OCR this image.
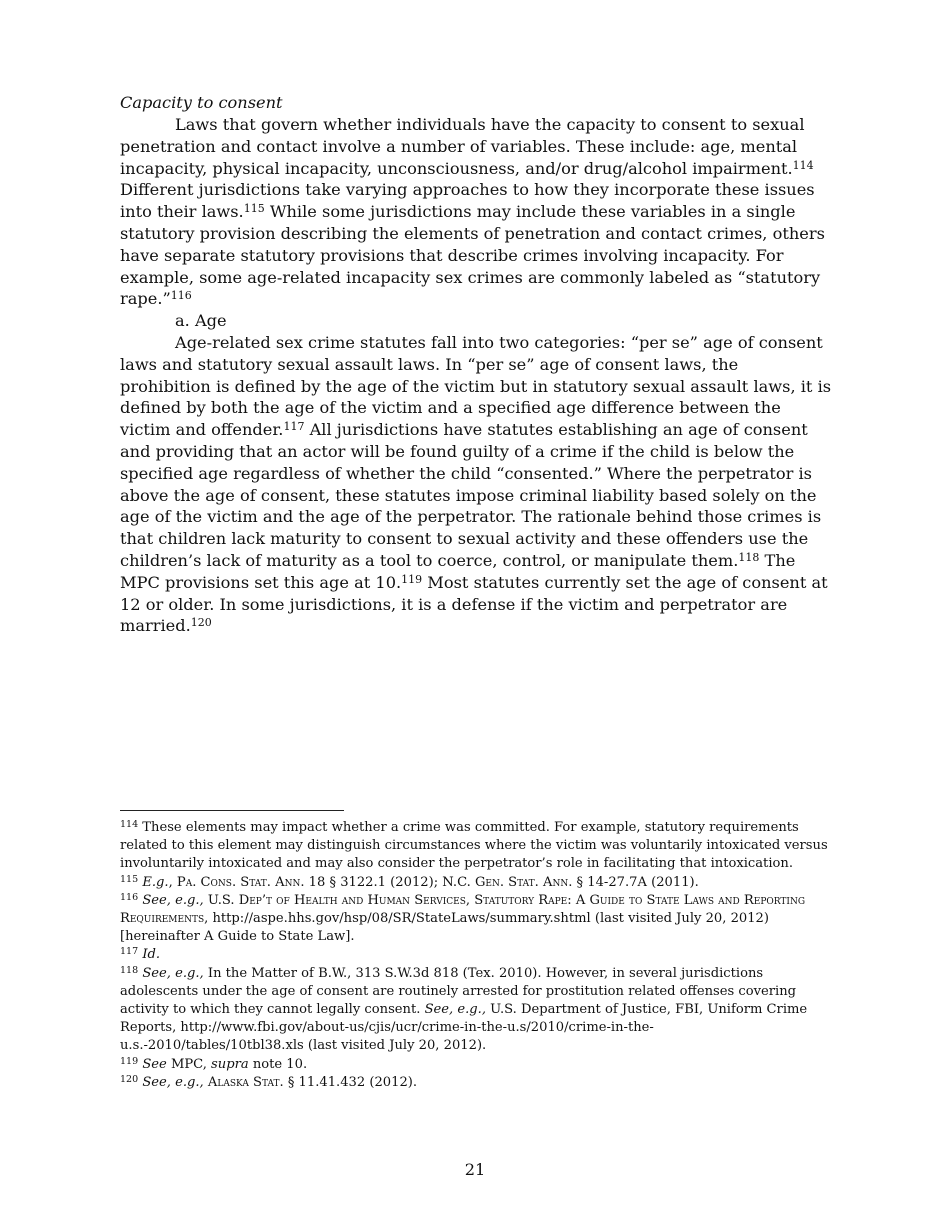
Capacity to consent

Laws that govern whether individuals have the capacity to consent to sexual penetration and contact involve a number of variables. These include: age, mental incapacity, physical incapacity, unconsciousness, and/or drug/alcohol impairment.$^{114}$ Different jurisdictions take varying approaches to how they incorporate these issues into their laws.$^{115}$ While some jurisdictions may include these variables in a single statutory provision describing the elements of penetration and contact crimes, others have separate statutory provisions that describe crimes involving incapacity. For example, some age-related incapacity sex crimes are commonly labeled as “statutory rape.”$^{116}$

a. Age

Age-related sex crime statutes fall into two categories: “per se” age of consent laws and statutory sexual assault laws. In “per se” age of consent laws, the prohibition is defined by the age of the victim but in statutory sexual assault laws, it is defined by both the age of the victim and a specified age difference between the victim and offender.$^{117}$ All jurisdictions have statutes establishing an age of consent and providing that an actor will be found guilty of a crime if the child is below the specified age regardless of whether the child “consented.” Where the perpetrator is above the age of consent, these statutes impose criminal liability based solely on the age of the victim and the age of the perpetrator. The rationale behind those crimes is that children lack maturity to consent to sexual activity and these offenders use the children’s lack of maturity as a tool to coerce, control, or manipulate them.$^{118}$ The MPC provisions set this age at 10.$^{119}$ Most statutes currently set the age of consent at 12 or older. In some jurisdictions, it is a defense if the victim and perpetrator are married.$^{120}$

$^{114}$ These elements may impact whether a crime was committed. For example, statutory requirements related to this element may distinguish circumstances where the victim was voluntarily intoxicated versus involuntarily intoxicated and may also consider the perpetrator’s role in facilitating that intoxication.

$^{115}$ E.g., Pa. Cons. Stat. Ann. 18 § 3122.1 (2012); N.C. Gen. Stat. Ann. § 14-27.7A (2011).

$^{116}$ See, e.g., U.S. Dep’t of Health and Human Services, Statutory Rape: A Guide to State Laws and Reporting Requirements, http://aspe.hhs.gov/hsp/08/SR/StateLaws/summary.shtml (last visited July 20, 2012)[hereinafter A Guide to State Law].

$^{117}$ Id.

$^{118}$ See, e.g., In the Matter of B.W., 313 S.W.3d 818 (Tex. 2010). However, in several jurisdictions adolescents under the age of consent are routinely arrested for prostitution related offenses covering activity to which they cannot legally consent. See, e.g., U.S. Department of Justice, FBI, Uniform Crime Reports, http://www.fbi.gov/about-us/cjis/ucr/crime-in-the-u.s/2010/crime-in-the-u.s.-2010/tables/10tbl38.xls (last visited July 20, 2012).

$^{119}$ See MPC, supra note 10.

$^{120}$ See, e.g., Alaska Stat. § 11.41.432 (2012).

21
